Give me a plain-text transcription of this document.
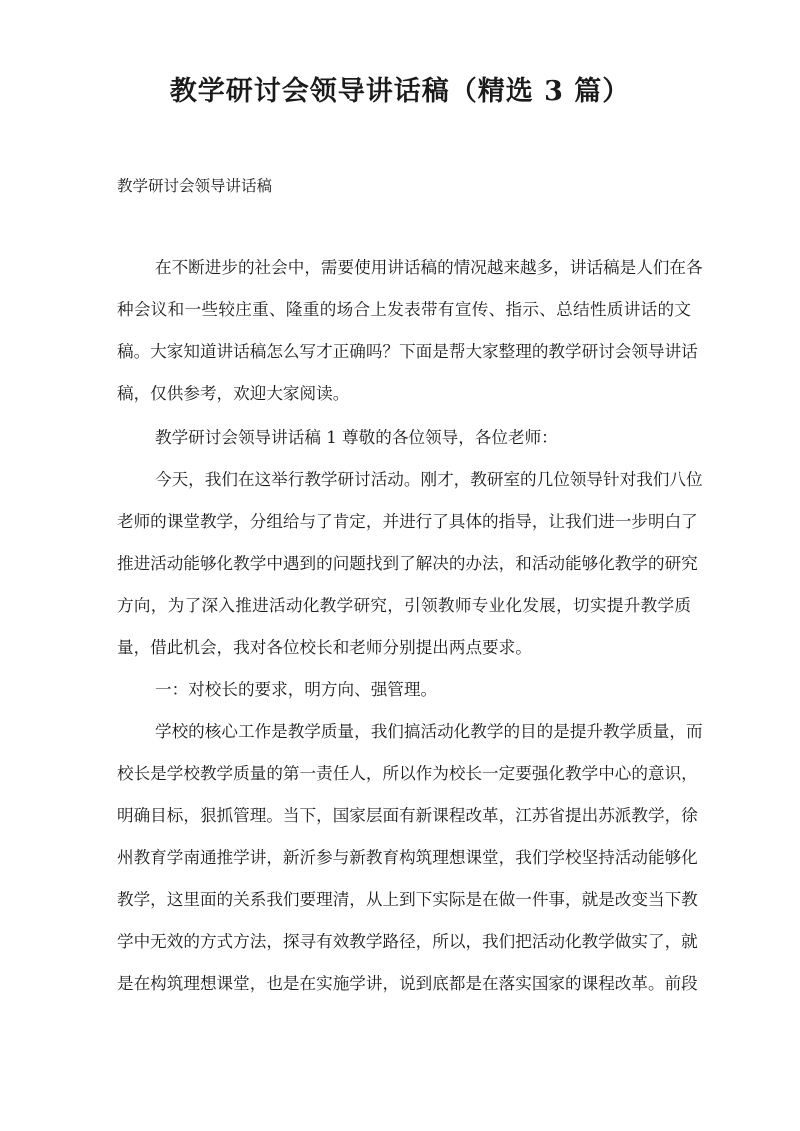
教学研讨会领导讲话稿（精选 3 篇）
教学研讨会领导讲话稿
在不断进步的社会中，需要使用讲话稿的情况越来越多，讲话稿是人们在各
种会议和一些较庄重、隆重的场合上发表带有宣传、指示、总结性质讲话的文
稿。大家知道讲话稿怎么写才正确吗？下面是帮大家整理的教学研讨会领导讲话
稿，仅供参考，欢迎大家阅读。
教学研讨会领导讲话稿 1 尊敬的各位领导，各位老师：
今天，我们在这举行教学研讨活动。刚才，教研室的几位领导针对我们八位
老师的课堂教学，分组给与了肯定，并进行了具体的指导，让我们进一步明白了
推进活动能够化教学中遇到的问题找到了解决的办法，和活动能够化教学的研究
方向，为了深入推进活动化教学研究，引领教师专业化发展，切实提升教学质
量，借此机会，我对各位校长和老师分别提出两点要求。
一：对校长的要求，明方向、强管理。
学校的核心工作是教学质量，我们搞活动化教学的目的是提升教学质量，而
校长是学校教学质量的第一责任人，所以作为校长一定要强化教学中心的意识，
明确目标，狠抓管理。当下，国家层面有新课程改革，江苏省提出苏派教学，徐
州教育学南通推学讲，新沂参与新教育构筑理想课堂，我们学校坚持活动能够化
教学，这里面的关系我们要理清，从上到下实际是在做一件事，就是改变当下教
学中无效的方式方法，探寻有效教学路径，所以，我们把活动化教学做实了，就
是在构筑理想课堂，也是在实施学讲，说到底都是在落实国家的课程改革。前段
